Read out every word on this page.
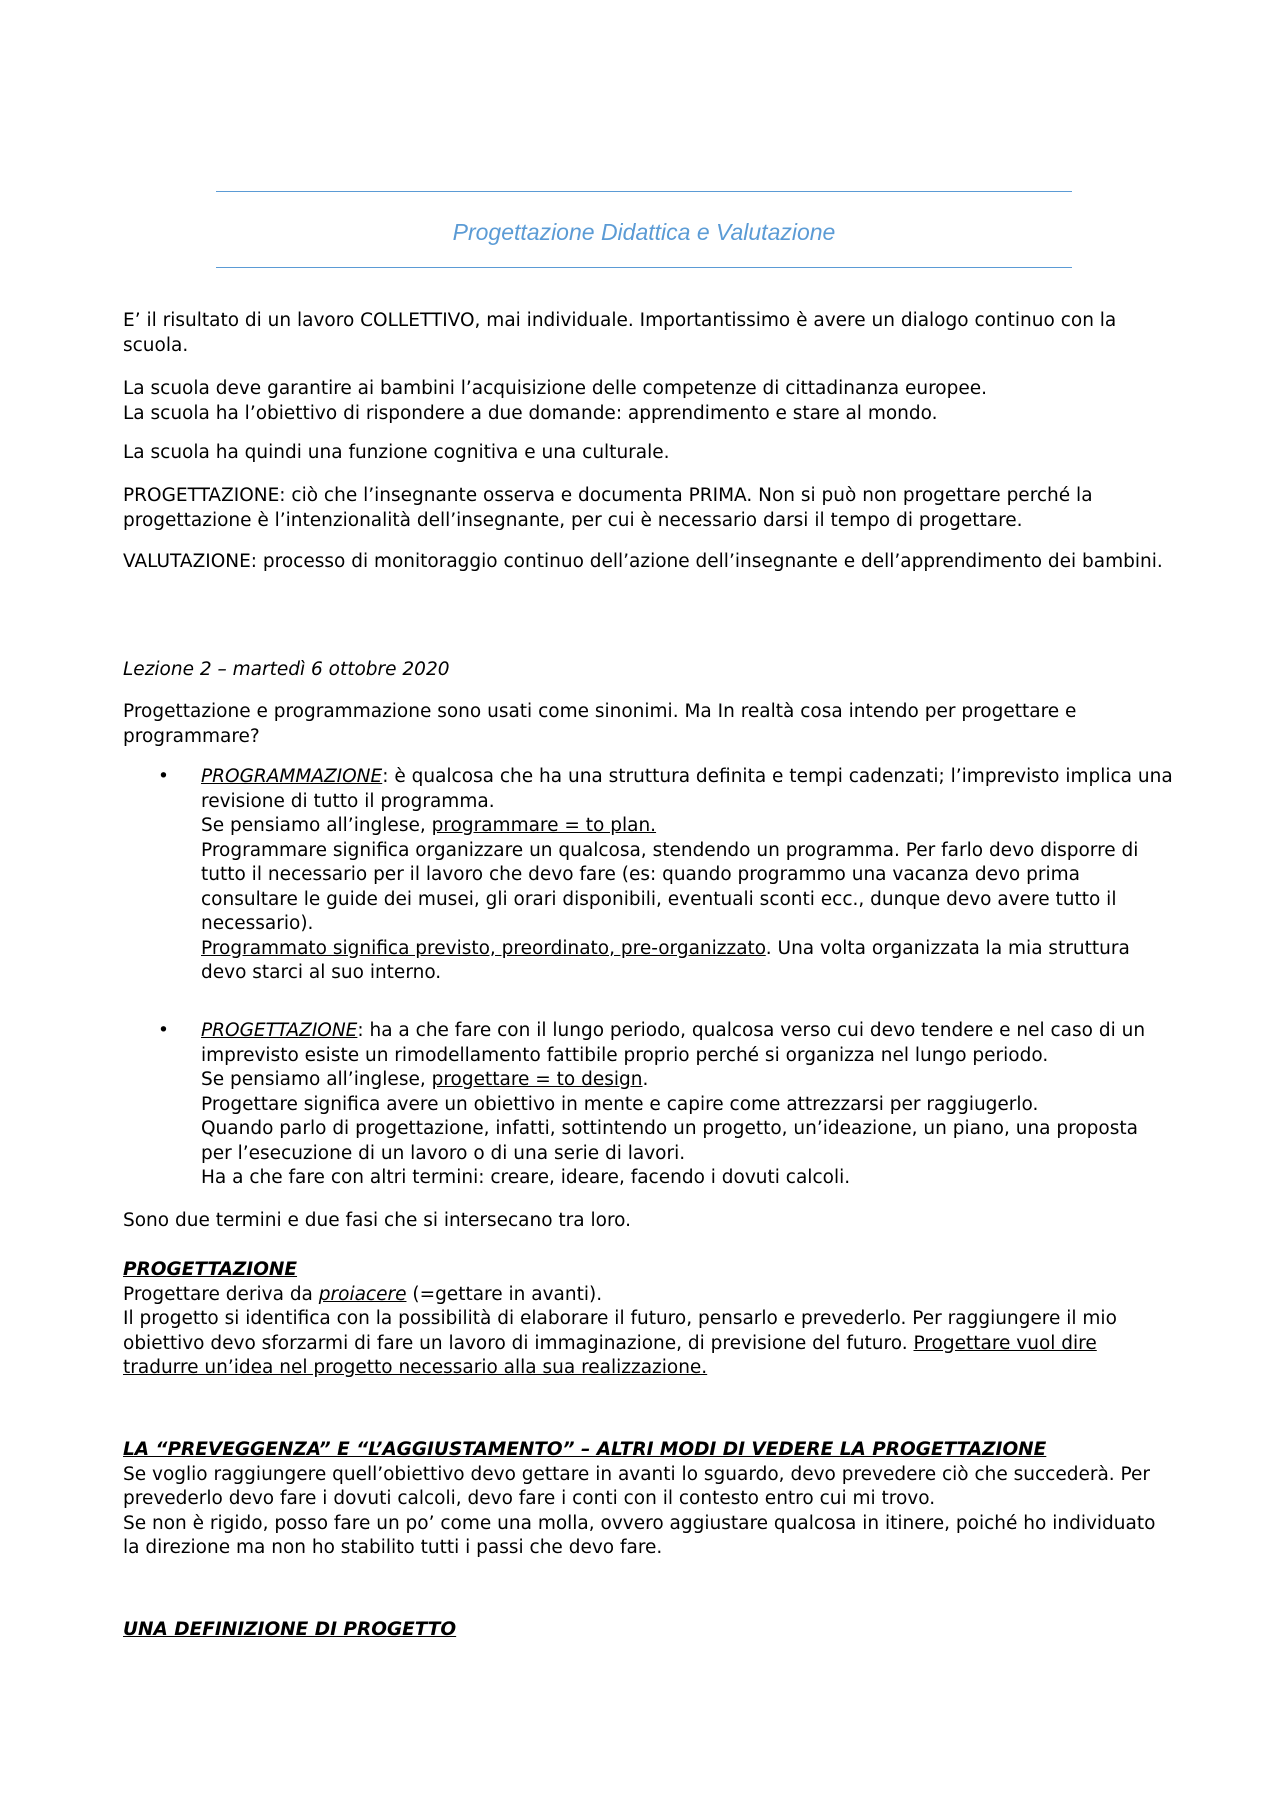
Progettazione Didattica e Valutazione

E’ il risultato di un lavoro COLLETTIVO, mai individuale. Importantissimo è avere un dialogo continuo con la scuola.

La scuola deve garantire ai bambini l’acquisizione delle competenze di cittadinanza europee.

La scuola ha l’obiettivo di rispondere a due domande: apprendimento e stare al mondo.

La scuola ha quindi una funzione cognitiva e una culturale.

PROGETTAZIONE: ciò che l’insegnante osserva e documenta PRIMA. Non si può non progettare perché la progettazione è l’intenzionalità dell’insegnante, per cui è necessario darsi il tempo di progettare.

VALUTAZIONE: processo di monitoraggio continuo dell’azione dell’insegnante e dell’apprendimento dei bambini.

Lezione 2 – martedì 6 ottobre 2020

Progettazione e programmazione sono usati come sinonimi. Ma In realtà cosa intendo per progettare e programmare?

•	PROGRAMMAZIONE: è qualcosa che ha una struttura definita e tempi cadenzati; l’imprevisto implica una revisione di tutto il programma.

Se pensiamo all’inglese, programmare = to plan.

Programmare significa organizzare un qualcosa, stendendo un programma. Per farlo devo disporre di tutto il necessario per il lavoro che devo fare (es: quando programmo una vacanza devo prima consultare le guide dei musei, gli orari disponibili, eventuali sconti ecc., dunque devo avere tutto il necessario).

Programmato significa previsto, preordinato, pre-organizzato. Una volta organizzata la mia struttura devo starci al suo interno.

•	PROGETTAZIONE: ha a che fare con il lungo periodo, qualcosa verso cui devo tendere e nel caso di un imprevisto esiste un rimodellamento fattibile proprio perché si organizza nel lungo periodo.

Se pensiamo all’inglese, progettare = to design.

Progettare significa avere un obiettivo in mente e capire come attrezzarsi per raggiugerlo.

Quando parlo di progettazione, infatti, sottintendo un progetto, un’ideazione, un piano, una proposta per l’esecuzione di un lavoro o di una serie di lavori.

Ha a che fare con altri termini: creare, ideare, facendo i dovuti calcoli.

Sono due termini e due fasi che si intersecano tra loro.

PROGETTAZIONE

Progettare deriva da proiacere (=gettare in avanti).

Il progetto si identifica con la possibilità di elaborare il futuro, pensarlo e prevederlo. Per raggiungere il mio obiettivo devo sforzarmi di fare un lavoro di immaginazione, di previsione del futuro. Progettare vuol dire tradurre un’idea nel progetto necessario alla sua realizzazione.

LA “PREVEGGENZA” E “L’AGGIUSTAMENTO” – ALTRI MODI DI VEDERE LA PROGETTAZIONE

Se voglio raggiungere quell’obiettivo devo gettare in avanti lo sguardo, devo prevedere ciò che succederà. Per prevederlo devo fare i dovuti calcoli, devo fare i conti con il contesto entro cui mi trovo.

Se non è rigido, posso fare un po’ come una molla, ovvero aggiustare qualcosa in itinere, poiché ho individuato la direzione ma non ho stabilito tutti i passi che devo fare.

UNA DEFINIZIONE DI PROGETTO
